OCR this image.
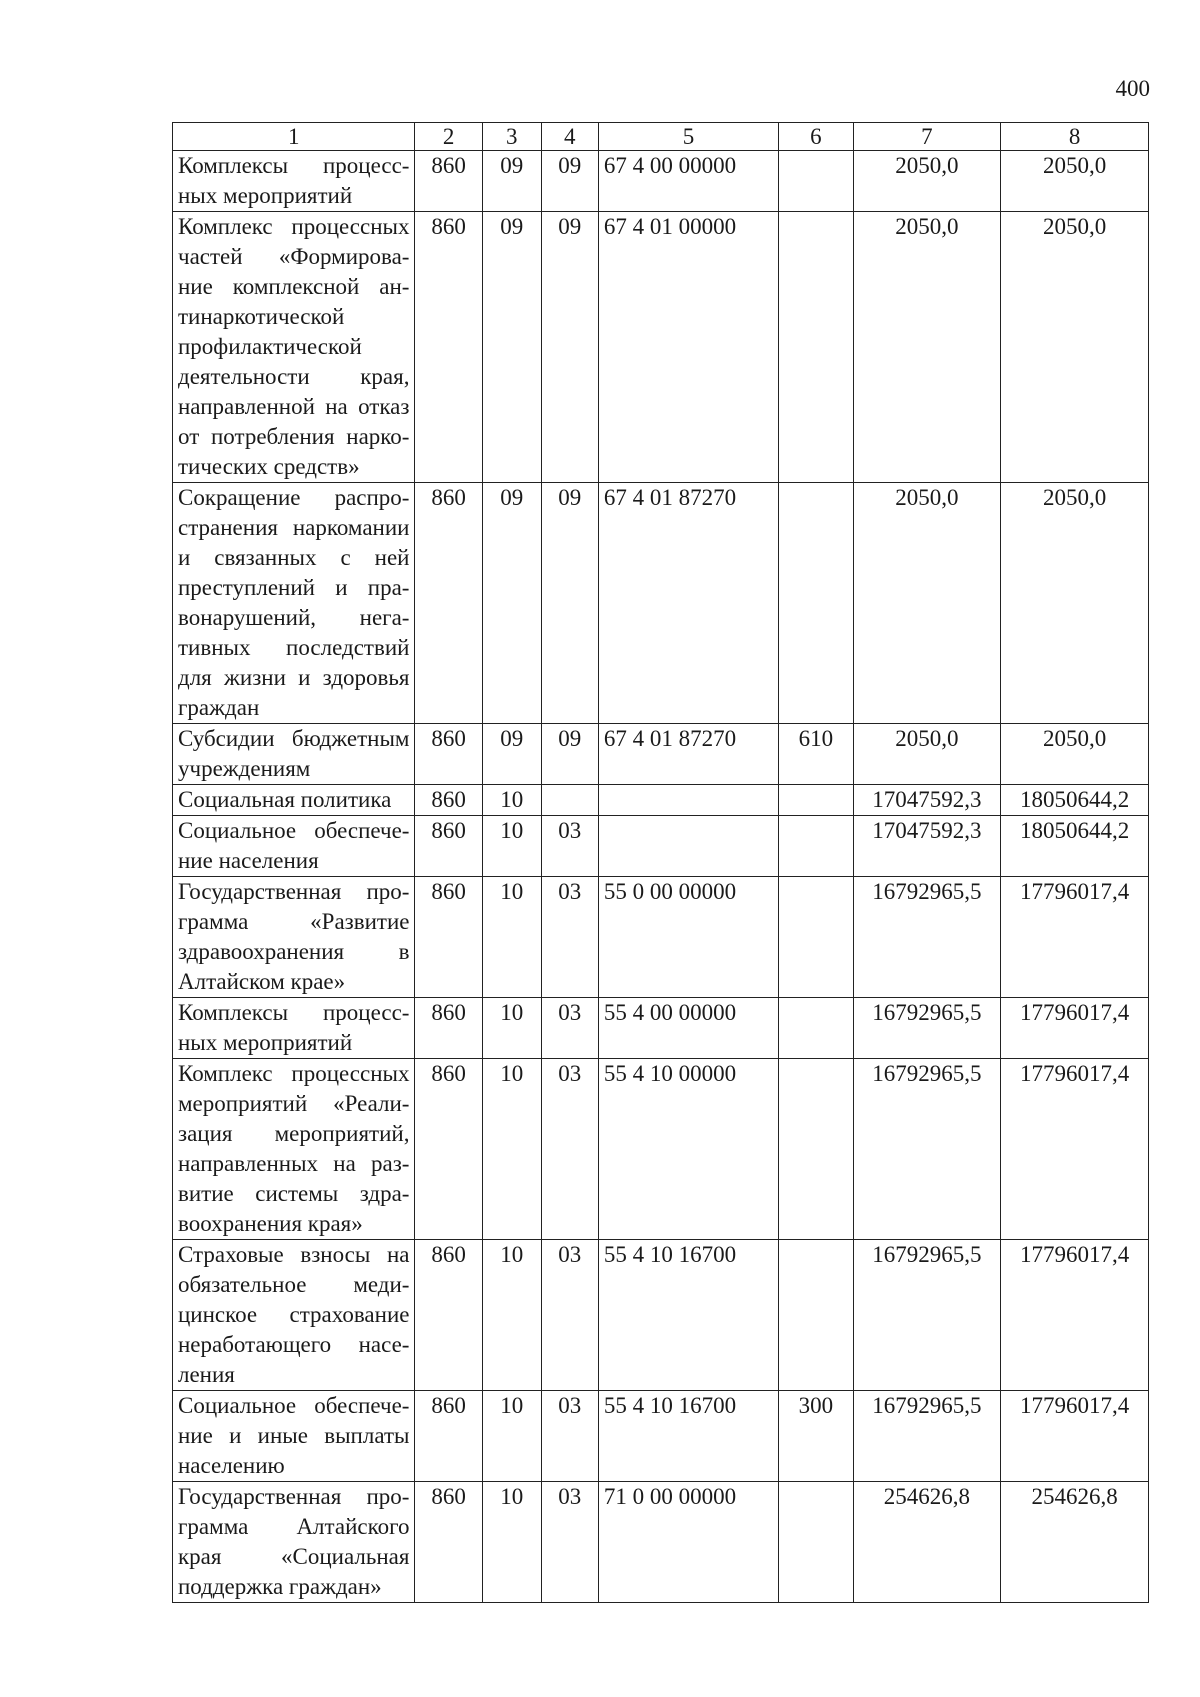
400
1	2	3	4	5	6	7	8
Комплексы процесс-ных мероприятий	860	09	09	67 4 00 00000		2050,0	2050,0
Комплекс процессных частей «Формирова-ние комплексной ан-тинаркотической профилактической деятельности края, направленной на отказ от потребления нарко-тических средств»	860	09	09	67 4 01 00000		2050,0	2050,0
Сокращение распро-странения наркомании и связанных с ней преступлений и пра-вонарушений, нега-тивных последствий для жизни и здоровья граждан	860	09	09	67 4 01 87270		2050,0	2050,0
Субсидии бюджетным учреждениям	860	09	09	67 4 01 87270	610	2050,0	2050,0
Социальная политика	860	10				17047592,3	18050644,2
Социальное обеспече-ние населения	860	10	03			17047592,3	18050644,2
Государственная про-грамма «Развитие здравоохранения в Алтайском крае»	860	10	03	55 0 00 00000		16792965,5	17796017,4
Комплексы процесс-ных мероприятий	860	10	03	55 4 00 00000		16792965,5	17796017,4
Комплекс процессных мероприятий «Реали-зация мероприятий, направленных на раз-витие системы здра-воохранения края»	860	10	03	55 4 10 00000		16792965,5	17796017,4
Страховые взносы на обязательное меди-цинское страхование неработающего насе-ления	860	10	03	55 4 10 16700		16792965,5	17796017,4
Социальное обеспече-ние и иные выплаты населению	860	10	03	55 4 10 16700	300	16792965,5	17796017,4
Государственная про-грамма Алтайского края «Социальная поддержка граждан»	860	10	03	71 0 00 00000		254626,8	254626,8
